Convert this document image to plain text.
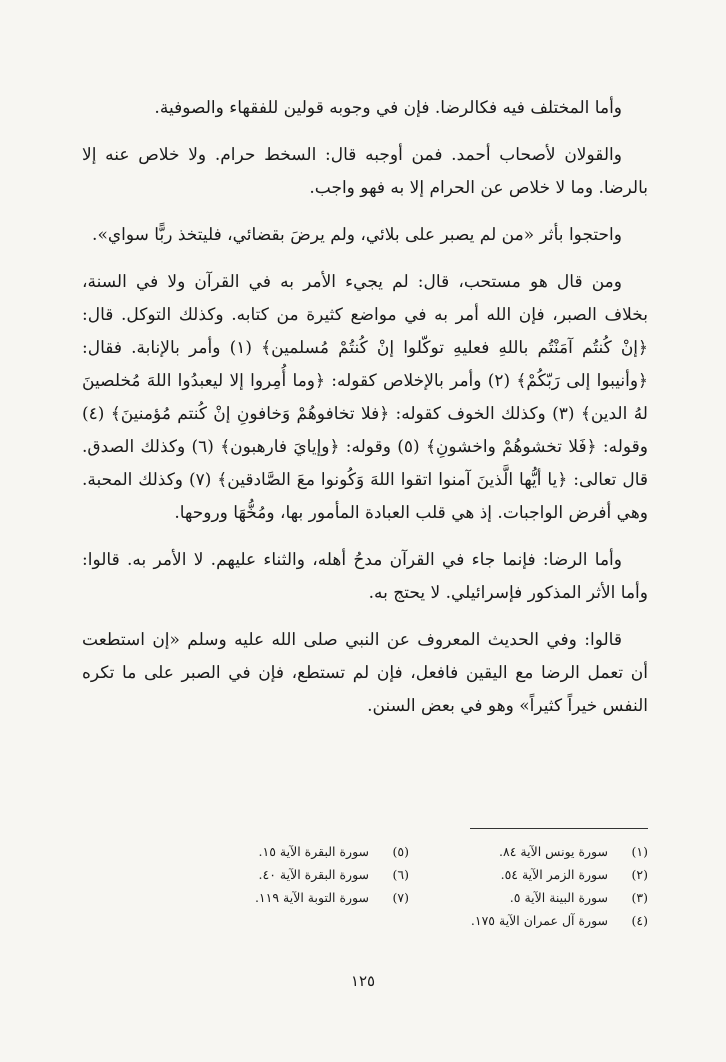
وأما المختلف فيه فكالرضا. فإن في وجوبه قولين للفقهاء والصوفية.

والقولان لأصحاب أحمد. فمن أوجبه قال: السخط حرام. ولا خلاص عنه إلا بالرضا. وما لا خلاص عن الحرام إلا به فهو واجب.

واحتجوا بأثر «من لم يصبر على بلائي، ولم يرضَ بقضائي، فليتخذ ربًّا سواي».

ومن قال هو مستحب، قال: لم يجيء الأمر به في القرآن ولا في السنة، بخلاف الصبر، فإن الله أمر به في مواضع كثيرة من كتابه. وكذلك التوكل. قال: ﴿إنْ كُنتُم آمَنْتُم باللهِ فعليهِ توكّلوا إنْ كُنتُمْ مُسلمين﴾ (١) وأمر بالإنابة. فقال: ﴿وأنيبوا إلى رَبّكُمْ﴾ (٢) وأمر بالإخلاص كقوله: ﴿وما أُمِروا إلا ليعبدُوا اللهَ مُخلصينَ لهُ الدين﴾ (٣) وكذلك الخوف كقوله: ﴿فلا تخافوهُمْ وَخافونِ إنْ كُنتم مُؤمنينَ﴾ (٤) وقوله: ﴿فَلا تخشوهُمْ واخشونِ﴾ (٥) وقوله: ﴿وإيايَ فارهبون﴾ (٦) وكذلك الصدق. قال تعالى: ﴿يا أيُّها الَّذينَ آمنوا اتقوا اللهَ وَكُونوا معَ الصَّادقين﴾ (٧) وكذلك المحبة. وهي أفرض الواجبات. إذ هي قلب العبادة المأمور بها، ومُخُّهَا وروحها.

وأما الرضا: فإنما جاء في القرآن مدحُ أهله، والثناء عليهم. لا الأمر به. قالوا: وأما الأثر المذكور فإسرائيلي. لا يحتج به.

قالوا: وفي الحديث المعروف عن النبي صلى الله عليه وسلم «إن استطعت أن تعمل الرضا مع اليقين فافعل، فإن لم تستطع، فإن في الصبر على ما تكره النفس خيراً كثيراً» وهو في بعض السنن.

(١)
سورة يونس الآية ٨٤.
(٢)
سورة الزمر الآية ٥٤.
(٣)
سورة البينة الآية ٥.
(٤)
سورة آل عمران الآية ١٧٥.
(٥)
سورة البقرة الآية ١٥.
(٦)
سورة البقرة الآية ٤٠.
(٧)
سورة التوبة الآية ١١٩.
١٢٥
